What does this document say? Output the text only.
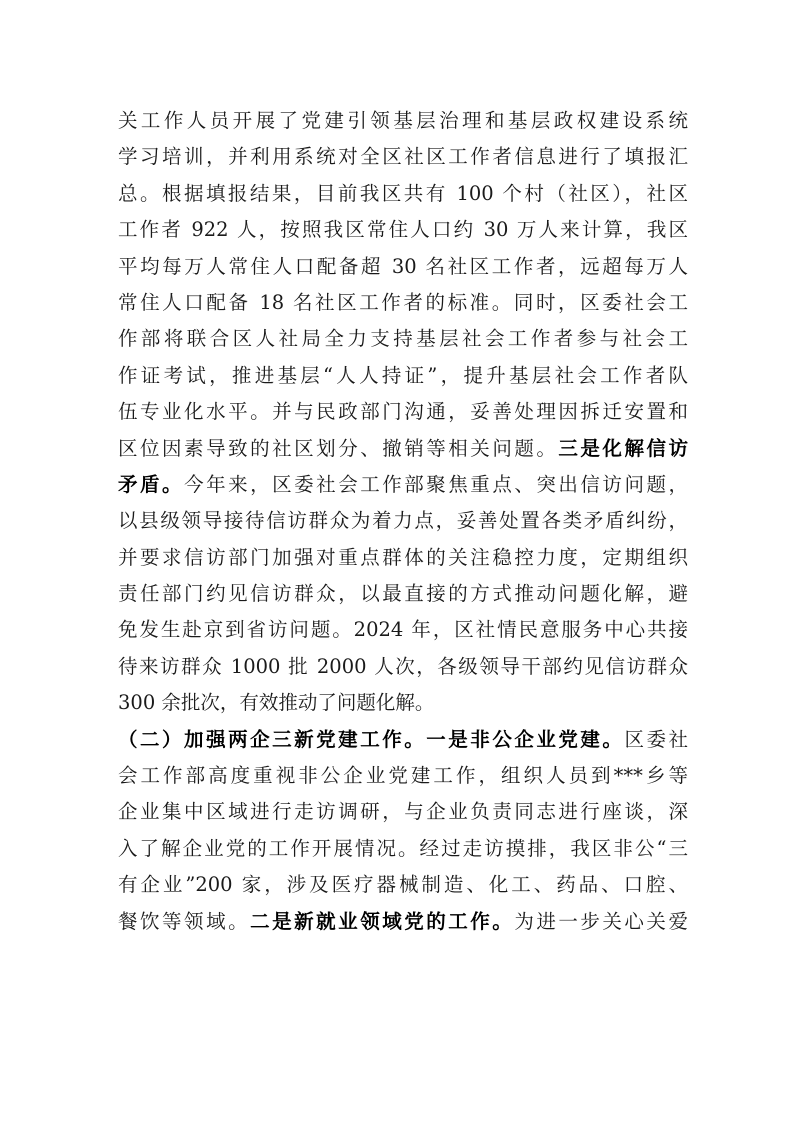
关工作人员开展了党建引领基层治理和基层政权建设系统
学习培训，并利用系统对全区社区工作者信息进行了填报汇
总。根据填报结果，目前我区共有 100 个村（社区），社区
工作者 922 人，按照我区常住人口约 30 万人来计算，我区
平均每万人常住人口配备超 30 名社区工作者，远超每万人
常住人口配备 18 名社区工作者的标准。同时，区委社会工
作部将联合区人社局全力支持基层社会工作者参与社会工
作证考试，推进基层“人人持证”，提升基层社会工作者队
伍专业化水平。并与民政部门沟通，妥善处理因拆迁安置和
区位因素导致的社区划分、撤销等相关问题。三是化解信访
矛盾。今年来，区委社会工作部聚焦重点、突出信访问题，
以县级领导接待信访群众为着力点，妥善处置各类矛盾纠纷，
并要求信访部门加强对重点群体的关注稳控力度，定期组织
责任部门约见信访群众，以最直接的方式推动问题化解，避
免发生赴京到省访问题。2024 年，区社情民意服务中心共接
待来访群众 1000 批 2000 人次，各级领导干部约见信访群众
300 余批次，有效推动了问题化解。
（二）加强两企三新党建工作。一是非公企业党建。区委社
会工作部高度重视非公企业党建工作，组织人员到***乡等
企业集中区域进行走访调研，与企业负责同志进行座谈，深
入了解企业党的工作开展情况。经过走访摸排，我区非公“三
有企业”200 家，涉及医疗器械制造、化工、药品、口腔、
餐饮等领域。二是新就业领域党的工作。为进一步关心关爱
